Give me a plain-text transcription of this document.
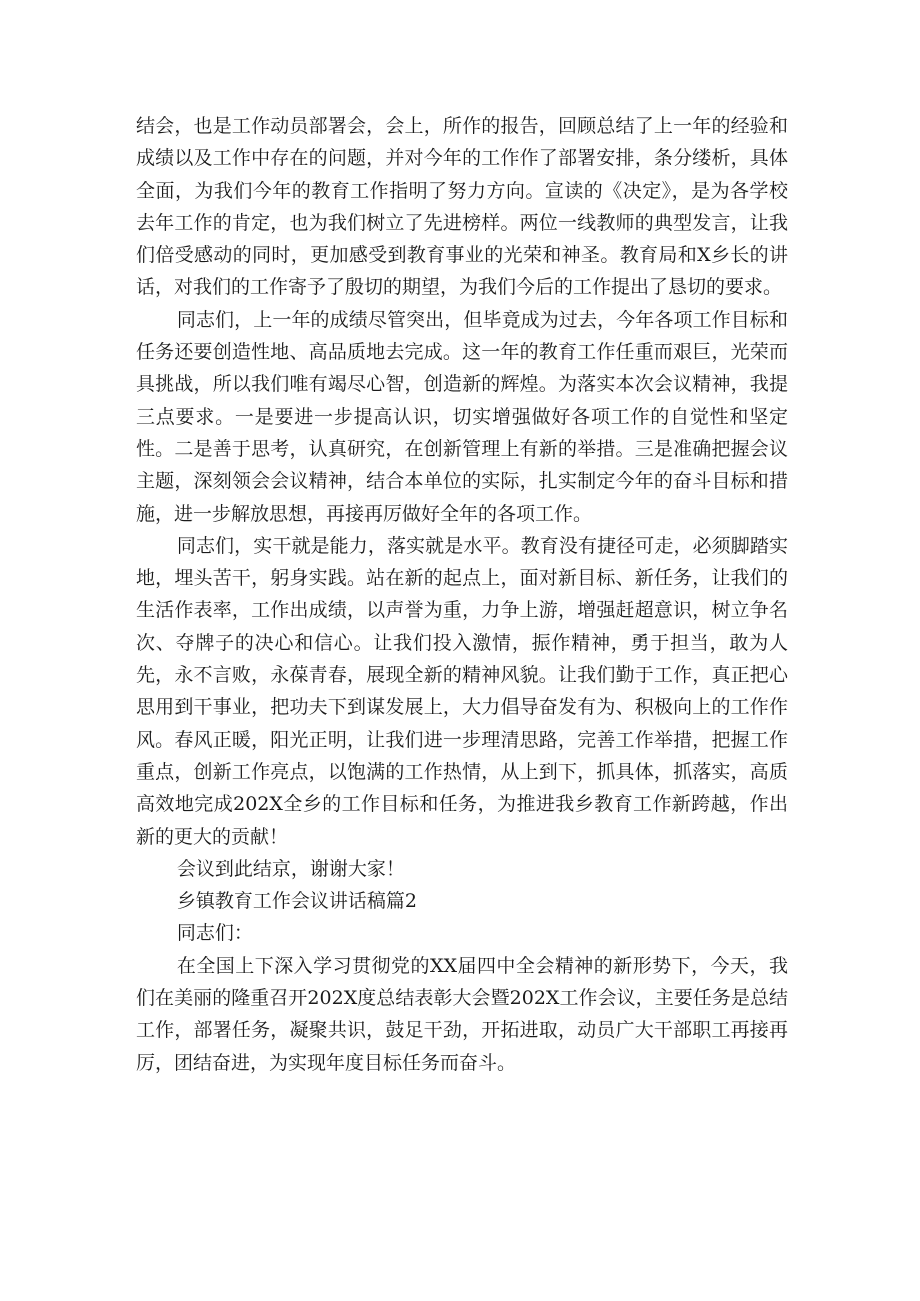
结会，也是工作动员部署会，会上，所作的报告，回顾总结了上一年的经验和成绩以及工作中存在的问题，并对今年的工作作了部署安排，条分缕析，具体全面，为我们今年的教育工作指明了努力方向。宣读的《决定》，是为各学校去年工作的肯定，也为我们树立了先进榜样。两位一线教师的典型发言，让我们倍受感动的同时，更加感受到教育事业的光荣和神圣。教育局和X乡长的讲话，对我们的工作寄予了殷切的期望，为我们今后的工作提出了恳切的要求。

同志们，上一年的成绩尽管突出，但毕竟成为过去，今年各项工作目标和任务还要创造性地、高品质地去完成。这一年的教育工作任重而艰巨，光荣而具挑战，所以我们唯有竭尽心智，创造新的辉煌。为落实本次会议精神，我提三点要求。一是要进一步提高认识，切实增强做好各项工作的自觉性和坚定性。二是善于思考，认真研究，在创新管理上有新的举措。三是准确把握会议主题，深刻领会会议精神，结合本单位的实际，扎实制定今年的奋斗目标和措施，进一步解放思想，再接再厉做好全年的各项工作。

同志们，实干就是能力，落实就是水平。教育没有捷径可走，必须脚踏实地，埋头苦干，躬身实践。站在新的起点上，面对新目标、新任务，让我们的生活作表率，工作出成绩，以声誉为重，力争上游，增强赶超意识，树立争名次、夺牌子的决心和信心。让我们投入激情，振作精神，勇于担当，敢为人先，永不言败，永葆青春，展现全新的精神风貌。让我们勤于工作，真正把心思用到干事业，把功夫下到谋发展上，大力倡导奋发有为、积极向上的工作作风。春风正暖，阳光正明，让我们进一步理清思路，完善工作举措，把握工作重点，创新工作亮点，以饱满的工作热情，从上到下，抓具体，抓落实，高质高效地完成202X全乡的工作目标和任务，为推进我乡教育工作新跨越，作出新的更大的贡献！

会议到此结京，谢谢大家！

乡镇教育工作会议讲话稿篇2

同志们：

在全国上下深入学习贯彻党的XX届四中全会精神的新形势下，今天，我们在美丽的隆重召开202X度总结表彰大会暨202X工作会议，主要任务是总结工作，部署任务，凝聚共识，鼓足干劲，开拓进取，动员广大干部职工再接再厉，团结奋进，为实现年度目标任务而奋斗。
